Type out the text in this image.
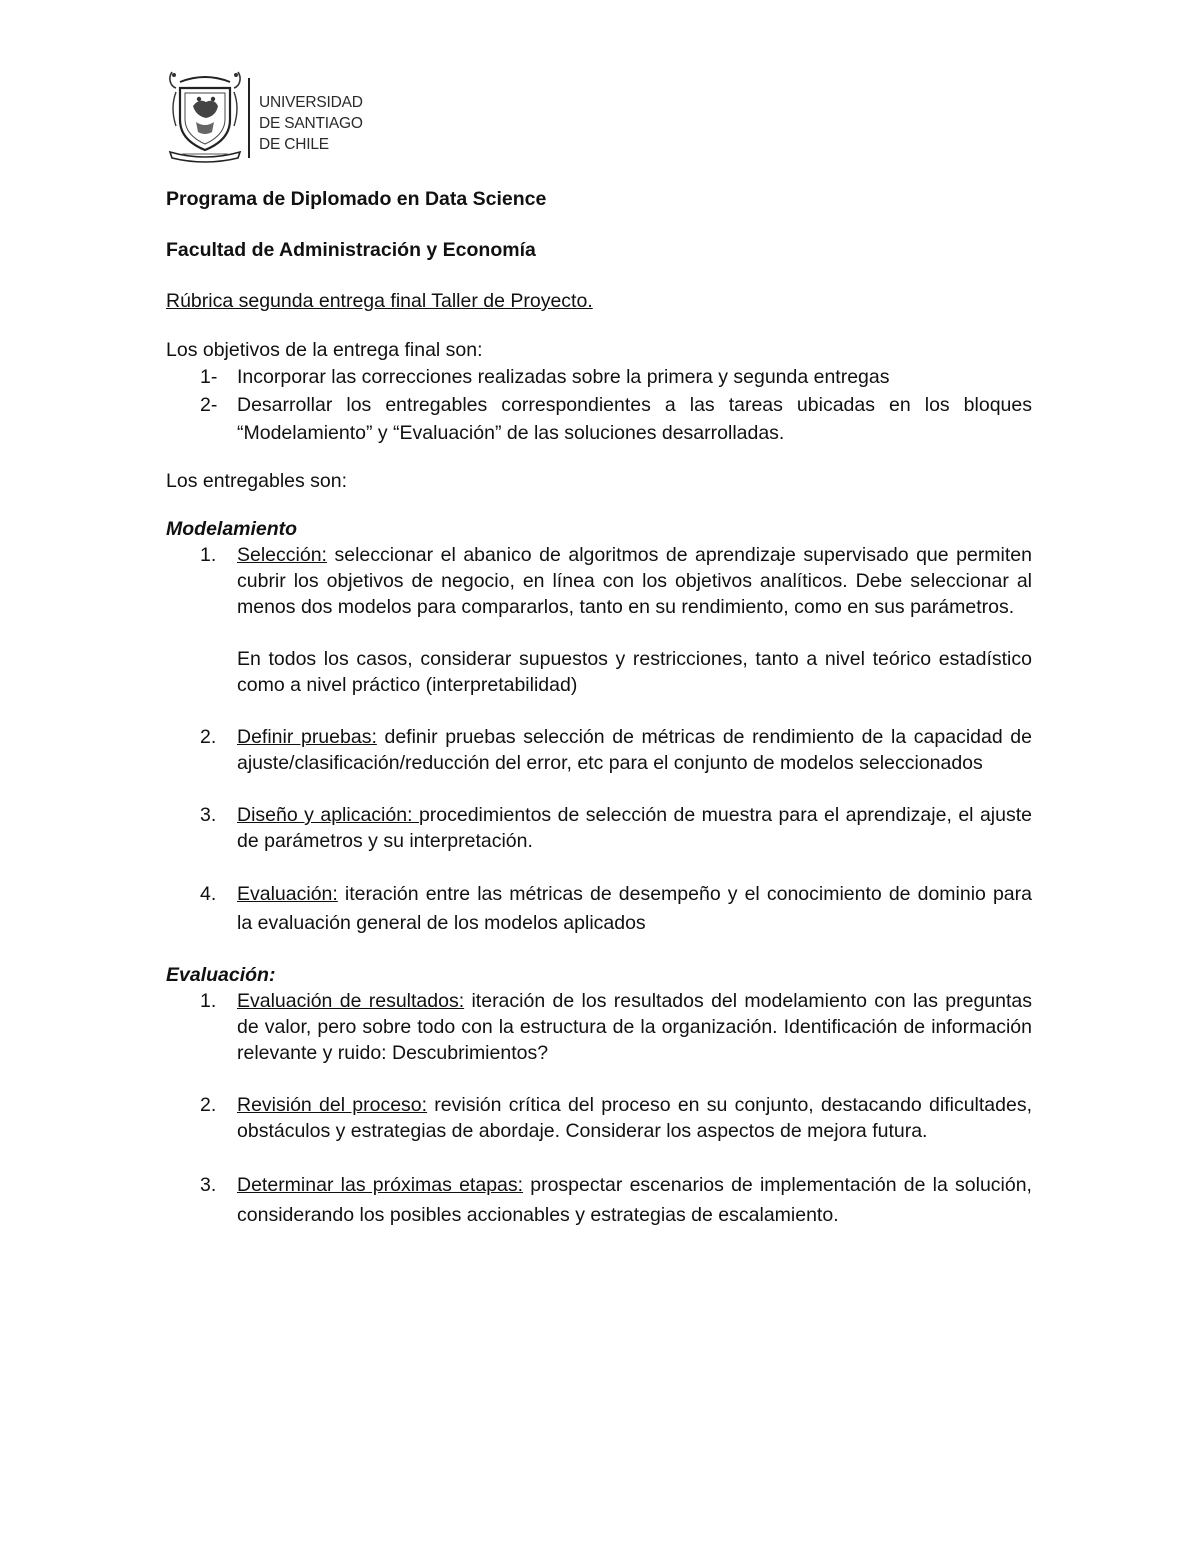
UNIVERSIDAD
DE SANTIAGO
DE CHILE

Programa de Diplomado en Data Science

Facultad de Administración y Economía

Rúbrica segunda entrega final Taller de Proyecto.

Los objetivos de la entrega final son:

1- Incorporar las correcciones realizadas sobre la primera y segunda entregas
2- Desarrollar los entregables correspondientes a las tareas ubicadas en los bloques “Modelamiento” y “Evaluación” de las soluciones desarrolladas.

Los entregables son:

Modelamiento

1. Selección: seleccionar el abanico de algoritmos de aprendizaje supervisado que permiten cubrir los objetivos de negocio, en línea con los objetivos analíticos. Debe seleccionar al menos dos modelos para compararlos, tanto en su rendimiento, como en sus parámetros.
En todos los casos, considerar supuestos y restricciones, tanto a nivel teórico estadístico como a nivel práctico (interpretabilidad)
2. Definir pruebas: definir pruebas selección de métricas de rendimiento de la capacidad de ajuste/clasificación/reducción del error, etc para el conjunto de modelos seleccionados
3. Diseño y aplicación: procedimientos de selección de muestra para el aprendizaje, el ajuste de parámetros y su interpretación.
4. Evaluación: iteración entre las métricas de desempeño y el conocimiento de dominio para la evaluación general de los modelos aplicados

Evaluación:

1. Evaluación de resultados: iteración de los resultados del modelamiento con las preguntas de valor, pero sobre todo con la estructura de la organización. Identificación de información relevante y ruido: Descubrimientos?
2. Revisión del proceso: revisión crítica del proceso en su conjunto, destacando dificultades, obstáculos y estrategias de abordaje. Considerar los aspectos de mejora futura.
3. Determinar las próximas etapas: prospectar escenarios de implementación de la solución, considerando los posibles accionables y estrategias de escalamiento.
